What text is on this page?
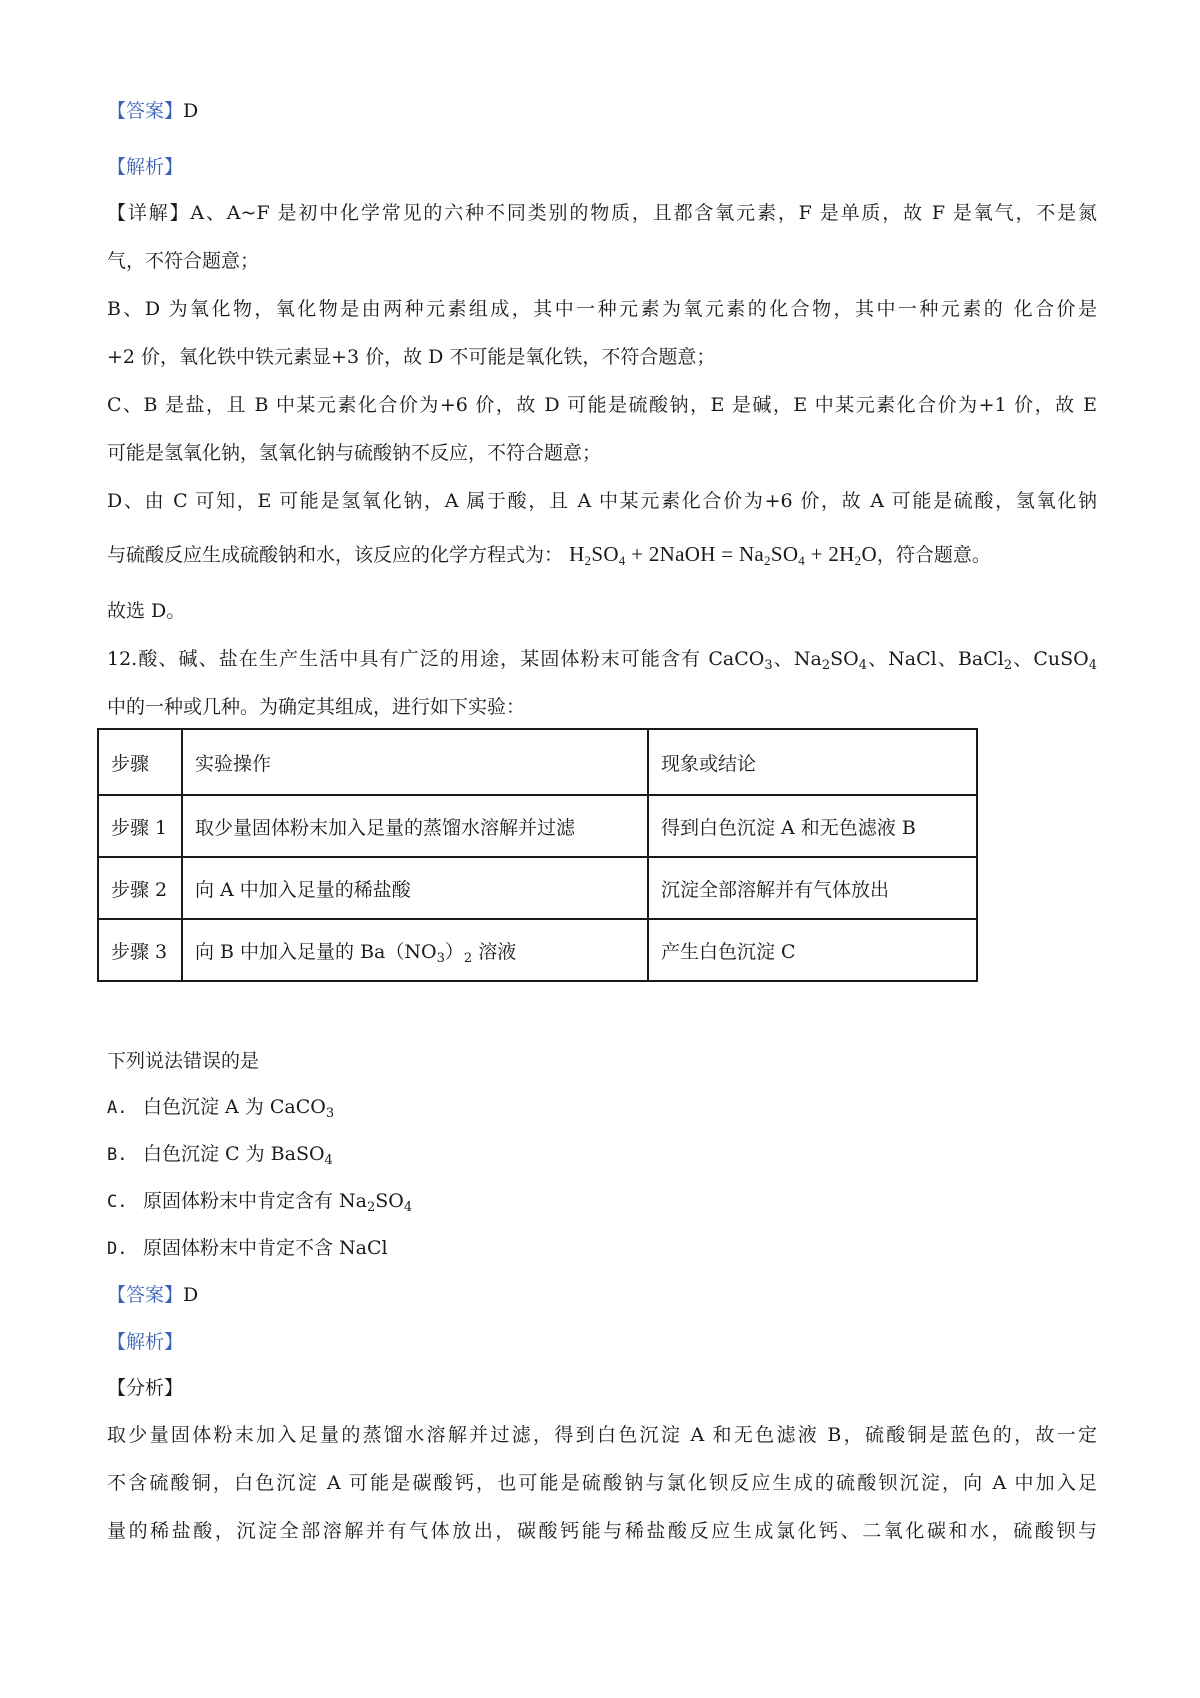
【答案】D
【解析】
【详解】A、A~F 是初中化学常见的六种不同类别的物质，且都含氧元素，F 是单质，故 F 是氧气，不是氮
气，不符合题意；
B、D 为氧化物，氧化物是由两种元素组成，其中一种元素为氧元素的化合物，其中一种元素的 化合价是
+2 价，氧化铁中铁元素显+3 价，故 D 不可能是氧化铁，不符合题意；
C、B 是盐，且 B 中某元素化合价为+6 价，故 D 可能是硫酸钠，E 是碱，E 中某元素化合价为+1 价，故 E
可能是氢氧化钠，氢氧化钠与硫酸钠不反应，不符合题意；
D、由 C 可知，E 可能是氢氧化钠，A 属于酸，且 A 中某元素化合价为+6 价，故 A 可能是硫酸，氢氧化钠
与硫酸反应生成硫酸钠和水，该反应的化学方程式为： $H_2SO_4$ + 2NaOH = $Na_2SO_4 + 2H_2O$，符合题意。
故选 D。
12.酸、碱、盐在生产生活中具有广泛的用途，某固体粉末可能含有 CaCO$_3$、$Na_2SO_4$、NaCl、BaCl$_2$、CuSO$_4$
中的一种或几种。为确定其组成，进行如下实验：
步骤	实验操作	现象或结论
步骤 1	取少量固体粉末加入足量的蒸馏水溶解并过滤	得到白色沉淀 A 和无色滤液 B
步骤 2	向 A 中加入足量的稀盐酸	沉淀全部溶解并有气体放出
步骤 3	向 B 中加入足量的 $Ba(NO_3)_2$ 溶液	产生白色沉淀 C
下列说法错误的是
A. 白色沉淀 A 为 CaCO$_3$
B. 白色沉淀 C 为 BaSO$_4$
C. 原固体粉末中肯定含有 $Na_2SO_4$
D. 原固体粉末中肯定不含 NaCl
【答案】D
【解析】
【分析】
取少量固体粉末加入足量的蒸馏水溶解并过滤，得到白色沉淀 A 和无色滤液 B，硫酸铜是蓝色的，故一定
不含硫酸铜，白色沉淀 A 可能是碳酸钙，也可能是硫酸钠与氯化钡反应生成的硫酸钡沉淀，向 A 中加入足
量的稀盐酸，沉淀全部溶解并有气体放出，碳酸钙能与稀盐酸反应生成氯化钙、二氧化碳和水，硫酸钡与
